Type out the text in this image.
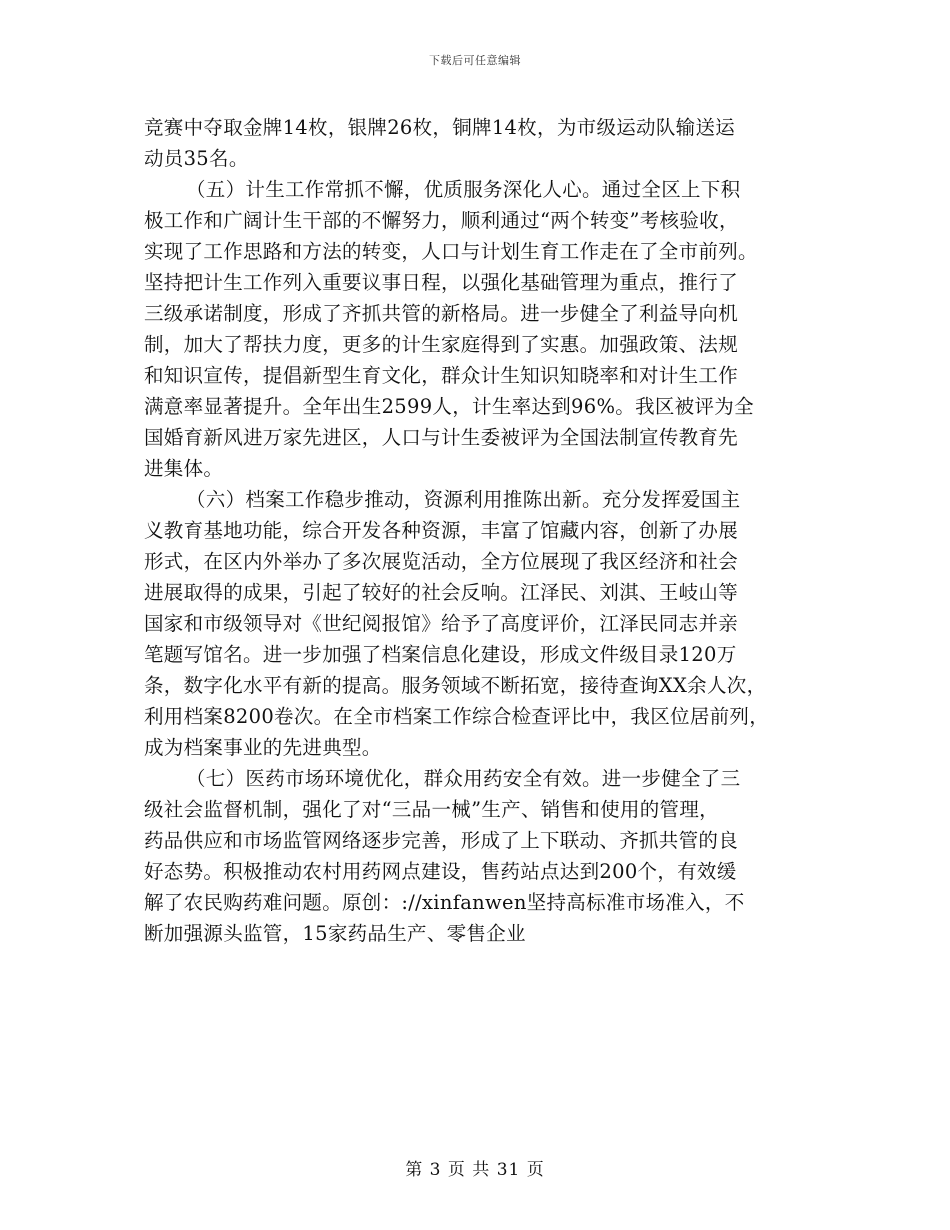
下载后可任意编辑
竞赛中夺取金牌14枚，银牌26枚，铜牌14枚，为市级运动队输送运
动员35名。
（五）计生工作常抓不懈，优质服务深化人心。通过全区上下积
极工作和广阔计生干部的不懈努力，顺利通过“两个转变”考核验收，
实现了工作思路和方法的转变，人口与计划生育工作走在了全市前列。
坚持把计生工作列入重要议事日程，以强化基础管理为重点，推行了
三级承诺制度，形成了齐抓共管的新格局。进一步健全了利益导向机
制，加大了帮扶力度，更多的计生家庭得到了实惠。加强政策、法规
和知识宣传，提倡新型生育文化，群众计生知识知晓率和对计生工作
满意率显著提升。全年出生2599人，计生率达到96%。我区被评为全
国婚育新风进万家先进区，人口与计生委被评为全国法制宣传教育先
进集体。
（六）档案工作稳步推动，资源利用推陈出新。充分发挥爱国主
义教育基地功能，综合开发各种资源，丰富了馆藏内容，创新了办展
形式，在区内外举办了多次展览活动，全方位展现了我区经济和社会
进展取得的成果，引起了较好的社会反响。江泽民、刘淇、王岐山等
国家和市级领导对《世纪阅报馆》给予了高度评价，江泽民同志并亲
笔题写馆名。进一步加强了档案信息化建设，形成文件级目录120万
条，数字化水平有新的提高。服务领域不断拓宽，接待查询XX余人次，
利用档案8200卷次。在全市档案工作综合检查评比中，我区位居前列，
成为档案事业的先进典型。
（七）医药市场环境优化，群众用药安全有效。进一步健全了三
级社会监督机制，强化了对“三品一械”生产、销售和使用的管理，
药品供应和市场监管网络逐步完善，形成了上下联动、齐抓共管的良
好态势。积极推动农村用药网点建设，售药站点达到200个，有效缓
解了农民购药难问题。原创：://xinfanwen坚持高标准市场准入，不
断加强源头监管，15家药品生产、零售企业
第 3 页 共 31 页
